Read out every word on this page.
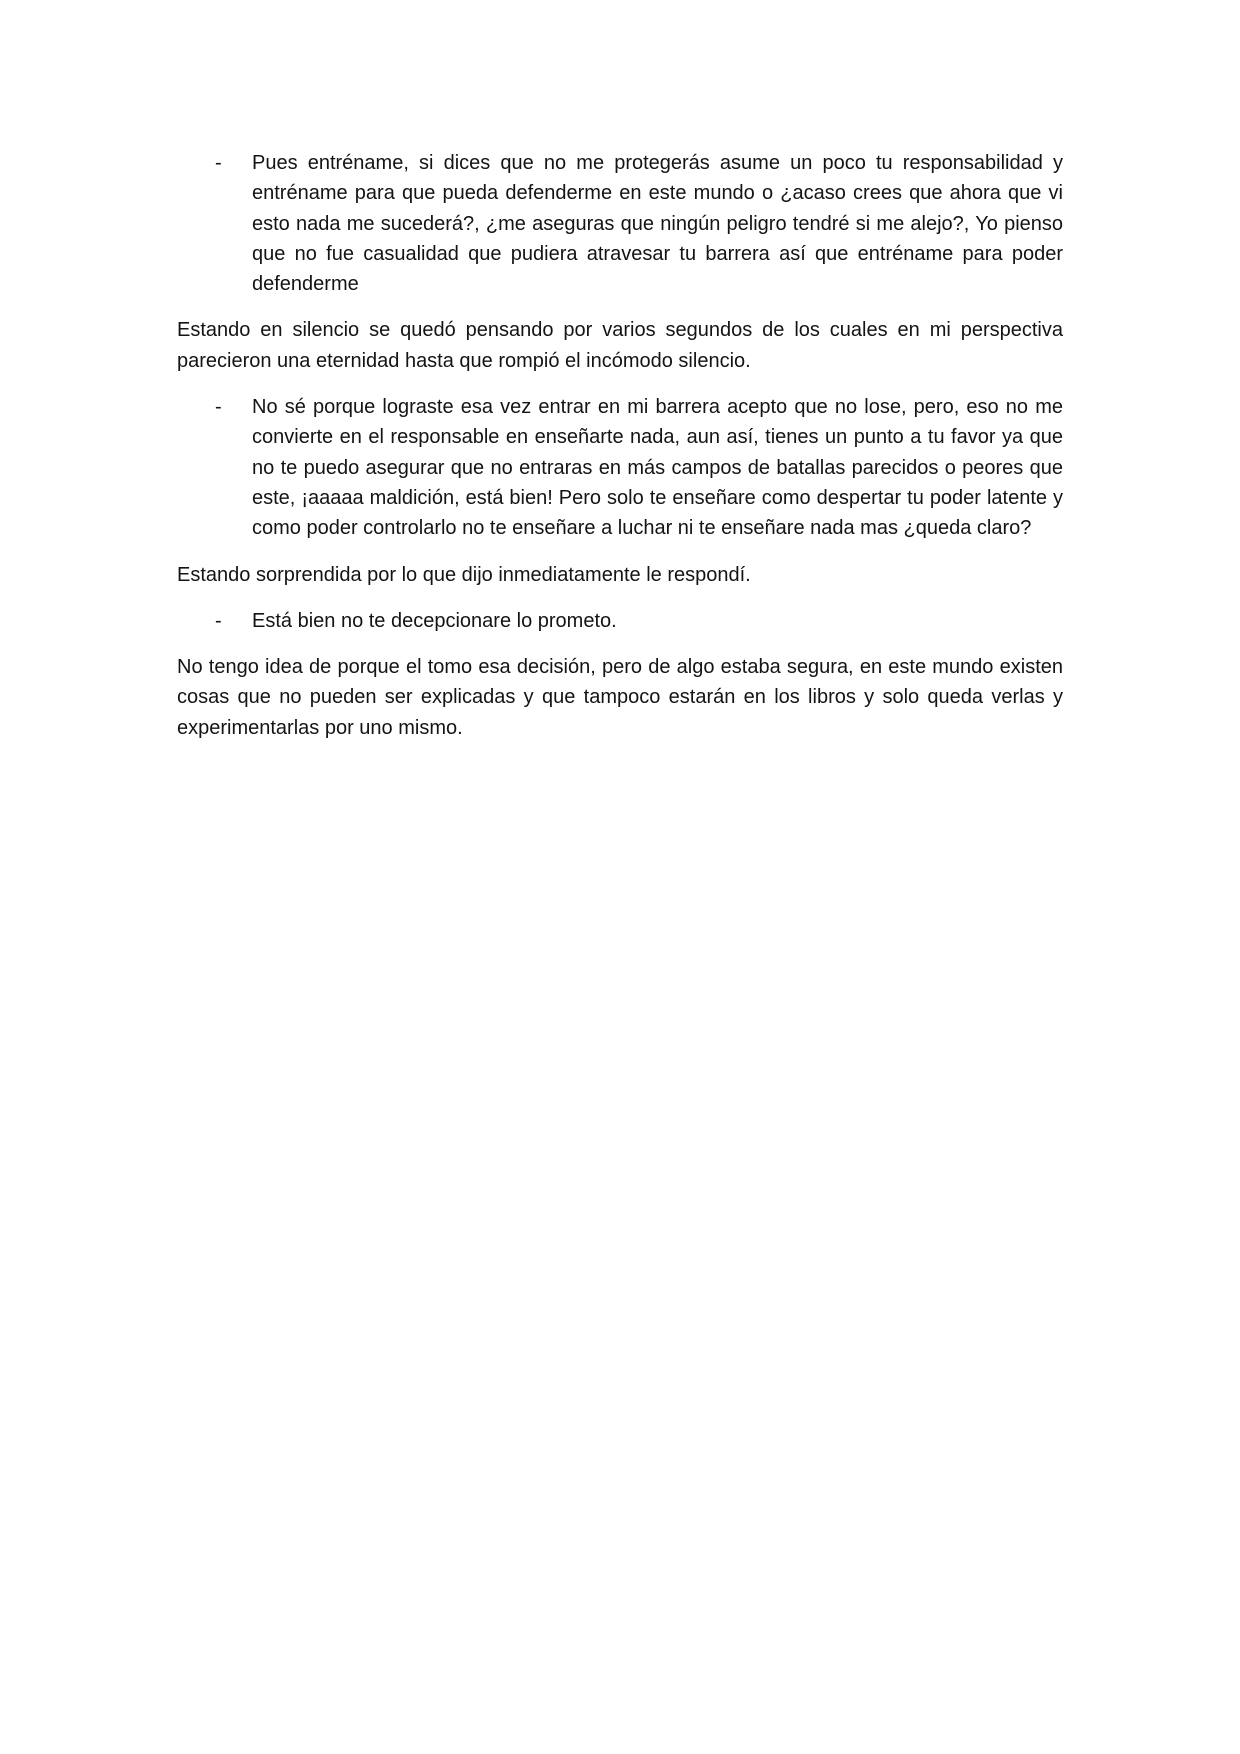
- Pues entréname, si dices que no me protegerás asume un poco tu responsabilidad y entréname para que pueda defenderme en este mundo o ¿acaso crees que ahora que vi esto nada me sucederá?, ¿me aseguras que ningún peligro tendré si me alejo?, Yo pienso que no fue casualidad que pudiera atravesar tu barrera así que entréname para poder defenderme

Estando en silencio se quedó pensando por varios segundos de los cuales en mi perspectiva parecieron una eternidad hasta que rompió el incómodo silencio.

- No sé porque lograste esa vez entrar en mi barrera acepto que no lose, pero, eso no me convierte en el responsable en enseñarte nada, aun así, tienes un punto a tu favor ya que no te puedo asegurar que no entraras en más campos de batallas parecidos o peores que este, ¡aaaaa maldición, está bien! Pero solo te enseñare como despertar tu poder latente y como poder controlarlo no te enseñare a luchar ni te enseñare nada mas ¿queda claro?

Estando sorprendida por lo que dijo inmediatamente le respondí.

- Está bien no te decepcionare lo prometo.

No tengo idea de porque el tomo esa decisión, pero de algo estaba segura, en este mundo existen cosas que no pueden ser explicadas y que tampoco estarán en los libros y solo queda verlas y experimentarlas por uno mismo.
